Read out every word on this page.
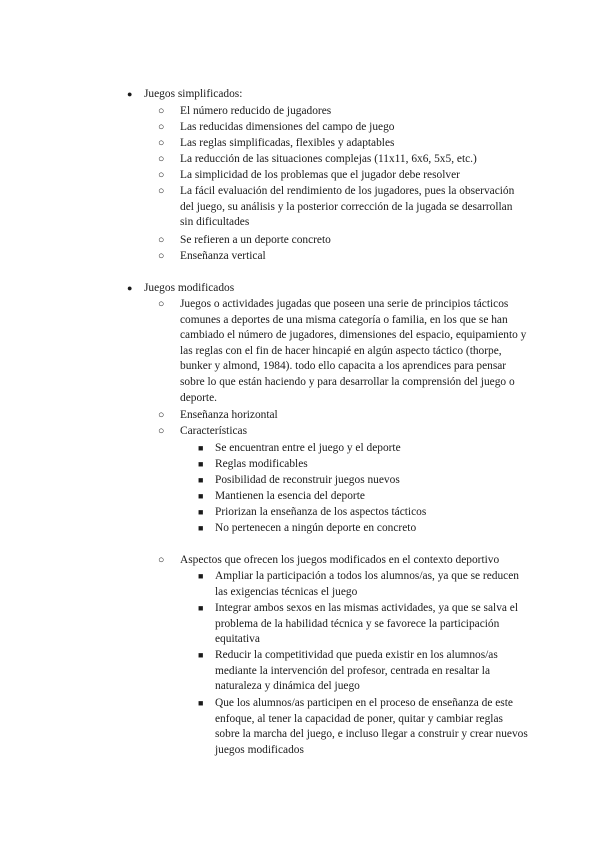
●	Juegos simplificados:
○	El número reducido de jugadores
○	Las reducidas dimensiones del campo de juego
○	Las reglas simplificadas, flexibles y adaptables
○	La reducción de las situaciones complejas (11x11, 6x6, 5x5, etc.)
○	La simplicidad de los problemas que el jugador debe resolver
○	La fácil evaluación del rendimiento de los jugadores, pues la observación del juego, su análisis y la posterior corrección de la jugada se desarrollan sin dificultades
○	Se refieren a un deporte concreto
○	Enseñanza vertical
●	Juegos modificados
○	Juegos o actividades jugadas que poseen una serie de principios tácticos comunes a deportes de una misma categoría o familia, en los que se han cambiado el número de jugadores, dimensiones del espacio, equipamiento y las reglas con el fin de hacer hincapié en algún aspecto táctico (thorpe, bunker y almond, 1984). todo ello capacita a los aprendices para pensar sobre lo que están haciendo y para desarrollar la comprensión del juego o deporte.
○	Enseñanza horizontal
○	Características
■	Se encuentran entre el juego y el deporte
■	Reglas modificables
■	Posibilidad de reconstruir juegos nuevos
■	Mantienen la esencia del deporte
■	Priorizan la enseñanza de los aspectos tácticos
■	No pertenecen a ningún deporte en concreto
○	Aspectos que ofrecen los juegos modificados en el contexto deportivo
■	Ampliar la participación a todos los alumnos/as, ya que se reducen las exigencias técnicas el juego
■	Integrar ambos sexos en las mismas actividades, ya que se salva el problema de la habilidad técnica y se favorece la participación equitativa
■	Reducir la competitividad que pueda existir en los alumnos/as mediante la intervención del profesor, centrada en resaltar la naturaleza y dinámica del juego
■	Que los alumnos/as participen en el proceso de enseñanza de este enfoque, al tener la capacidad de poner, quitar y cambiar reglas sobre la marcha del juego, e incluso llegar a construir y crear nuevos juegos modificados
